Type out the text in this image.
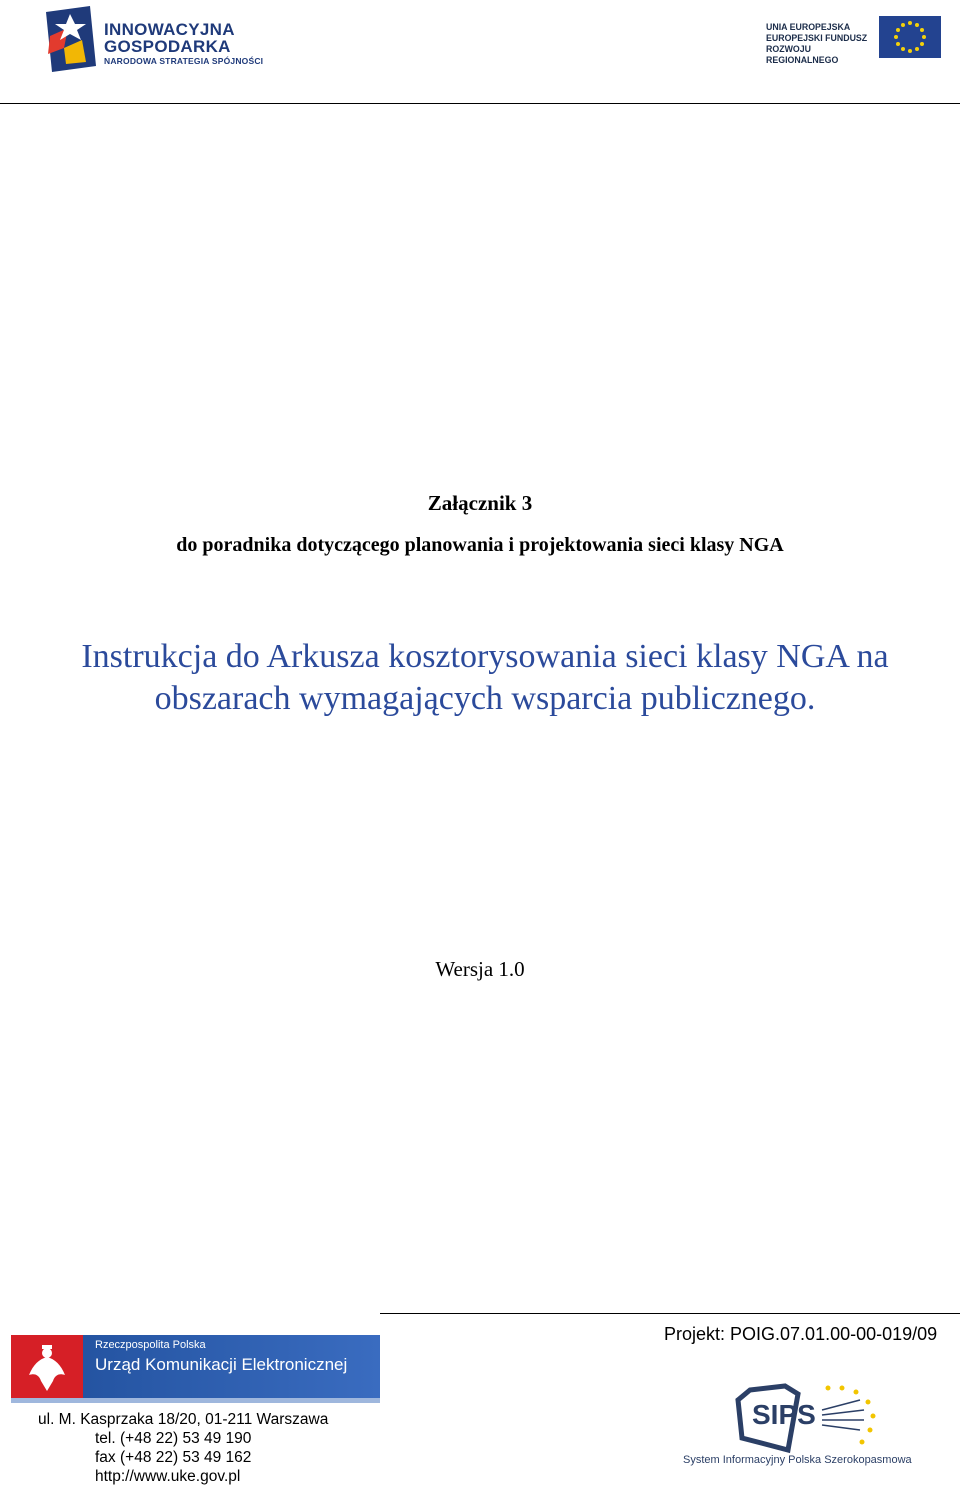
INNOWACYJNA
GOSPODARKA
NARODOWA STRATEGIA SPÓJNOŚCI
UNIA EUROPEJSKA
EUROPEJSKI FUNDUSZ
ROZWOJU REGIONALNEGO
Załącznik 3
do poradnika dotyczącego planowania i projektowania sieci klasy NGA
Instrukcja do Arkusza kosztorysowania sieci klasy NGA na
obszarach wymagających wsparcia publicznego.
Wersja 1.0
Projekt: POIG.07.01.00-00-019/09
Rzeczpospolita Polska
Urząd Komunikacji Elektronicznej
ul. M. Kasprzaka 18/20, 01-211 Warszawa
tel. (+48 22) 53 49 190
fax (+48 22) 53 49 162
http://www.uke.gov.pl
SIPS
System Informacyjny Polska Szerokopasmowa
